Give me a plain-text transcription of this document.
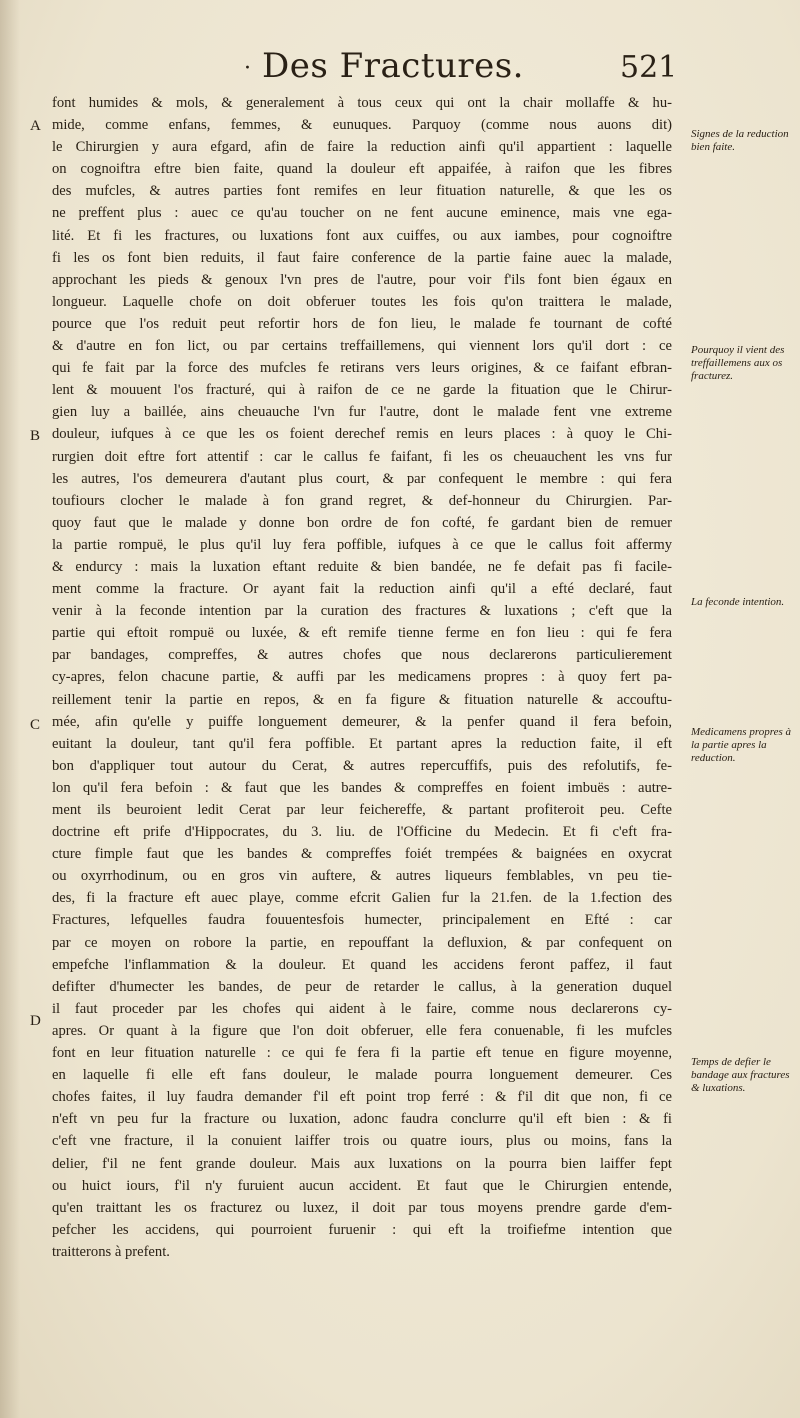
· Des Fractures.	521
A
B
C
D
font humides & mols, & generalement à tous ceux qui ont la chair mollaffe & hu-
mide, comme enfans, femmes, & eunuques. Parquoy (comme nous auons dit)
le Chirurgien y aura efgard, afin de faire la reduction ainfi qu'il appartient : laquelle
on cognoiftra eftre bien faite, quand la douleur eft appaifée, à raifon que les fibres
des mufcles, & autres parties font remifes en leur fituation naturelle, & que les os
ne preffent plus : auec ce qu'au toucher on ne fent aucune eminence, mais vne ega-
lité. Et fi les fractures, ou luxations font aux cuiffes, ou aux iambes, pour cognoiftre
fi les os font bien reduits, il faut faire conference de la partie faine auec la malade,
approchant les pieds & genoux l'vn pres de l'autre, pour voir f'ils font bien égaux en
longueur. Laquelle chofe on doit obferuer toutes les fois qu'on traittera le malade,
pource que l'os reduit peut refortir hors de fon lieu, le malade fe tournant de cofté
& d'autre en fon lict, ou par certains treffaillemens, qui viennent lors qu'il dort : ce
qui fe fait par la force des mufcles fe retirans vers leurs origines, & ce faifant efbran-
lent & mouuent l'os fracturé, qui à raifon de ce ne garde la fituation que le Chirur-
gien luy a baillée, ains cheuauche l'vn fur l'autre, dont le malade fent vne extreme
douleur, iufques à ce que les os foient derechef remis en leurs places : à quoy le Chi-
rurgien doit eftre fort attentif : car le callus fe faifant, fi les os cheuauchent les vns fur
les autres, l'os demeurera d'autant plus court, & par confequent le membre : qui fera
toufiours clocher le malade à fon grand regret, & def-honneur du Chirurgien. Par-
quoy faut que le malade y donne bon ordre de fon cofté, fe gardant bien de remuer
la partie rompuë, le plus qu'il luy fera poffible, iufques à ce que le callus foit affermy
& endurcy : mais la luxation eftant reduite & bien bandée, ne fe defait pas fi facile-
ment comme la fracture. Or ayant fait la reduction ainfi qu'il a efté declaré, faut
venir à la feconde intention par la curation des fractures & luxations ; c'eft que la
partie qui eftoit rompuë ou luxée, & eft remife tienne ferme en fon lieu : qui fe fera
par bandages, compreffes, & autres chofes que nous declarerons particulierement
cy-apres, felon chacune partie, & auffi par les medicamens propres : à quoy fert pa-
reillement tenir la partie en repos, & en fa figure & fituation naturelle & accouftu-
mée, afin qu'elle y puiffe longuement demeurer, & la penfer quand il fera befoin,
euitant la douleur, tant qu'il fera poffible. Et partant apres la reduction faite, il eft
bon d'appliquer tout autour du Cerat, & autres repercuffifs, puis des refolutifs, fe-
lon qu'il fera befoin : & faut que les bandes & compreffes en foient imbuës : autre-
ment ils beuroient ledit Cerat par leur feichereffe, & partant profiteroit peu. Cefte
doctrine eft prife d'Hippocrates, du 3. liu. de l'Officine du Medecin. Et fi c'eft fra-
cture fimple faut que les bandes & compreffes foiét trempées & baignées en oxycrat
ou oxyrrhodinum, ou en gros vin auftere, & autres liqueurs femblables, vn peu tie-
des, fi la fracture eft auec playe, comme efcrit Galien fur la 21.fen. de la 1.fection des
Fractures, lefquelles faudra fouuentesfois humecter, principalement en Efté : car
par ce moyen on robore la partie, en repouffant la defluxion, & par confequent on
empefche l'inflammation & la douleur. Et quand les accidens feront paffez, il faut
defifter d'humecter les bandes, de peur de retarder le callus, à la generation duquel
il faut proceder par les chofes qui aident à le faire, comme nous declarerons cy-
apres. Or quant à la figure que l'on doit obferuer, elle fera conuenable, fi les mufcles
font en leur fituation naturelle : ce qui fe fera fi la partie eft tenue en figure moyenne,
en laquelle fi elle eft fans douleur, le malade pourra longuement demeurer. Ces
chofes faites, il luy faudra demander f'il eft point trop ferré : & f'il dit que non, fi ce
n'eft vn peu fur la fracture ou luxation, adonc faudra conclurre qu'il eft bien : & fi
c'eft vne fracture, il la conuient laiffer trois ou quatre iours, plus ou moins, fans la
delier, f'il ne fent grande douleur. Mais aux luxations on la pourra bien laiffer fept
ou huict iours, f'il n'y furuient aucun accident. Et faut que le Chirurgien entende,
qu'en traittant les os fracturez ou luxez, il doit par tous moyens prendre garde d'em-
pefcher les accidens, qui pourroient furuenir : qui eft la troifiefme intention que
traitterons à prefent.
Signes de la reduction bien faite.
Pourquoy il vient des treffaillemens aux os fracturez.
La feconde intention.
Medicamens propres à la partie apres la reduction.
Temps de defier le bandage aux fractures & luxations.
